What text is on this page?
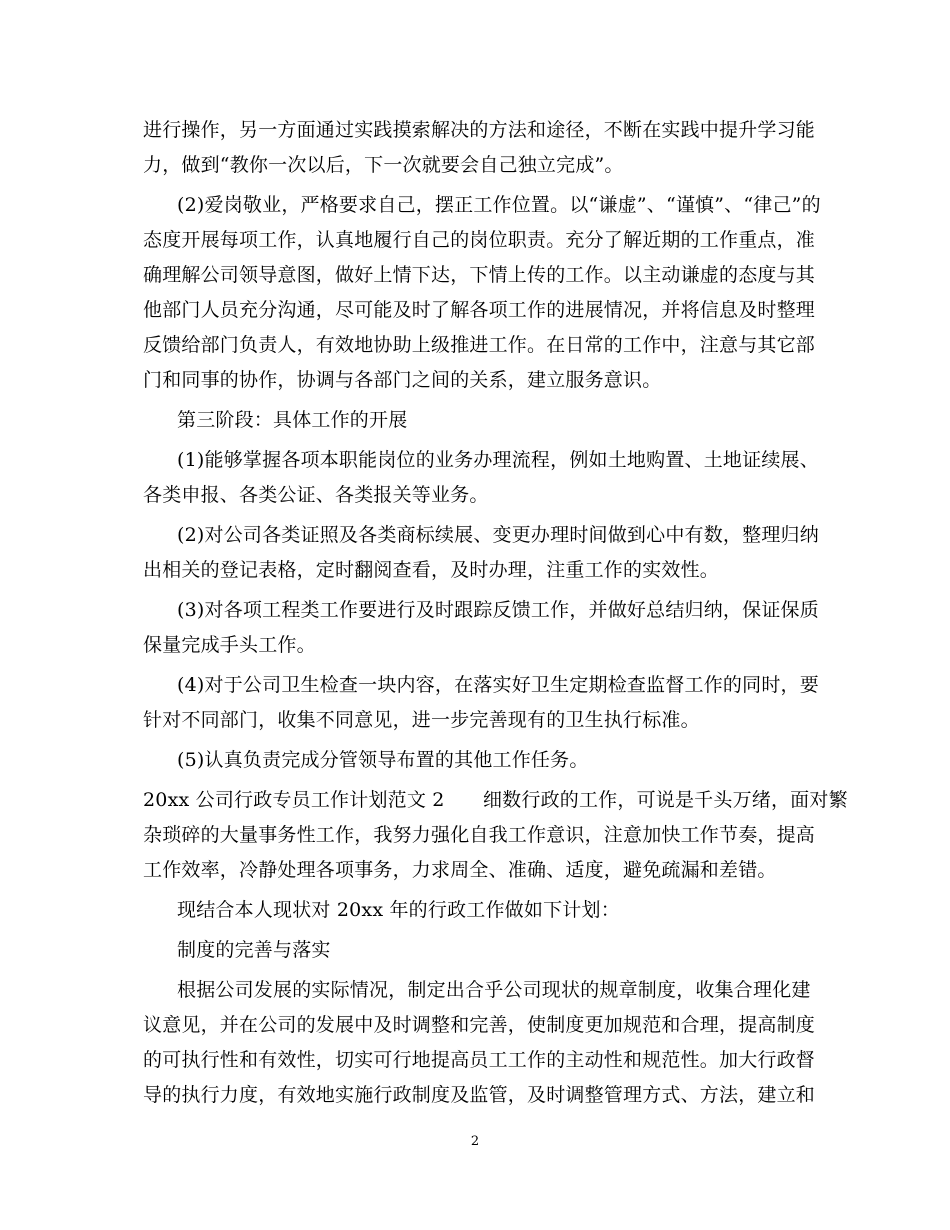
进行操作，另一方面通过实践摸索解决的方法和途径，不断在实践中提升学习能
力，做到“教你一次以后，下一次就要会自己独立完成”。
(2)爱岗敬业，严格要求自己，摆正工作位置。以“谦虚”、“谨慎”、“律己”的
态度开展每项工作，认真地履行自己的岗位职责。充分了解近期的工作重点，准
确理解公司领导意图，做好上情下达，下情上传的工作。以主动谦虚的态度与其
他部门人员充分沟通，尽可能及时了解各项工作的进展情况，并将信息及时整理
反馈给部门负责人，有效地协助上级推进工作。在日常的工作中，注意与其它部
门和同事的协作，协调与各部门之间的关系，建立服务意识。
第三阶段：具体工作的开展
(1)能够掌握各项本职能岗位的业务办理流程，例如土地购置、土地证续展、
各类申报、各类公证、各类报关等业务。
(2)对公司各类证照及各类商标续展、变更办理时间做到心中有数，整理归纳
出相关的登记表格，定时翻阅查看，及时办理，注重工作的实效性。
(3)对各项工程类工作要进行及时跟踪反馈工作，并做好总结归纳，保证保质
保量完成手头工作。
(4)对于公司卫生检查一块内容，在落实好卫生定期检查监督工作的同时，要
针对不同部门，收集不同意见，进一步完善现有的卫生执行标准。
(5)认真负责完成分管领导布置的其他工作任务。
20xx 公司行政专员工作计划范文 2　　细数行政的工作，可说是千头万绪，面对繁
杂琐碎的大量事务性工作，我努力强化自我工作意识，注意加快工作节奏，提高
工作效率，冷静处理各项事务，力求周全、准确、适度，避免疏漏和差错。
现结合本人现状对 20xx 年的行政工作做如下计划：
制度的完善与落实
根据公司发展的实际情况，制定出合乎公司现状的规章制度，收集合理化建
议意见，并在公司的发展中及时调整和完善，使制度更加规范和合理，提高制度
的可执行性和有效性，切实可行地提高员工工作的主动性和规范性。加大行政督
导的执行力度，有效地实施行政制度及监管，及时调整管理方式、方法，建立和
2
